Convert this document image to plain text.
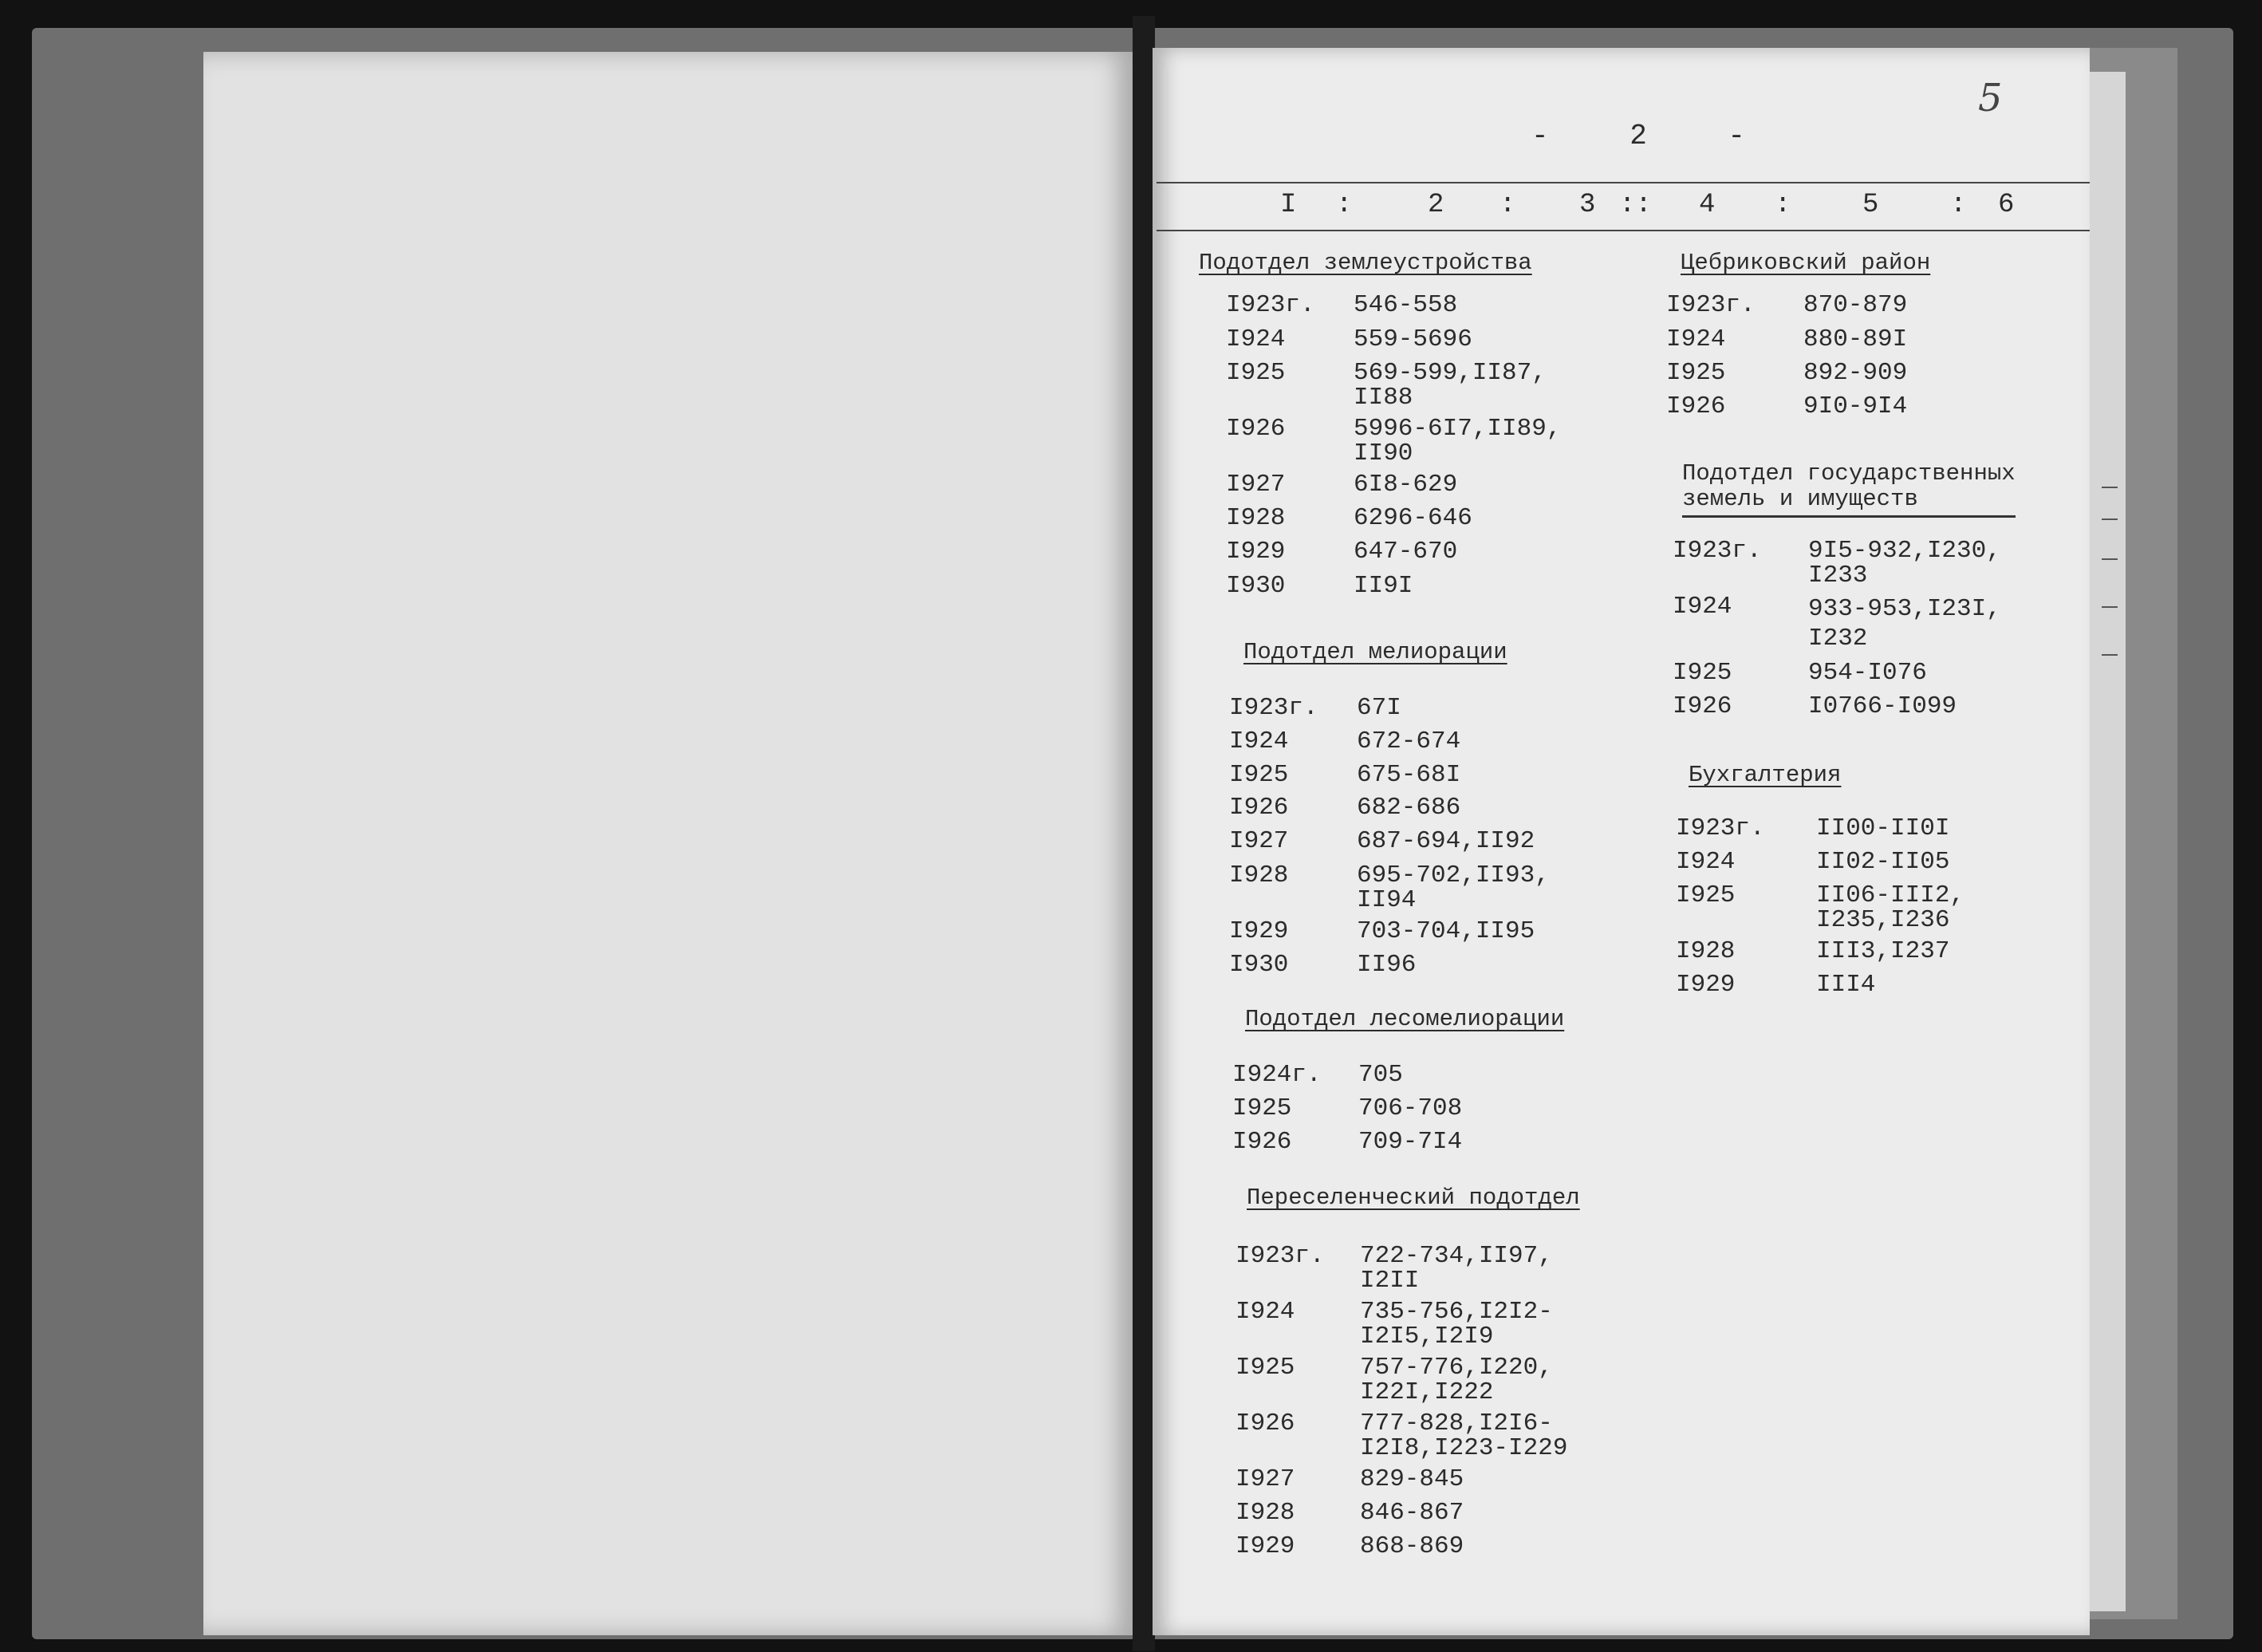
5
- 2 -
I :	2 : 3 :: 4 :	5	: 6
Подотдел землеустройства
I923г. 546-558
I924	559-5696
I925	569-599,II87,
II88
I926	5996-6I7,II89,
II90
I927	6I8-629
I928	6296-646
I929	647-670
I930	II9I
Подотдел мелиорации
I923г. 67I
I924	672-674
I925	675-68I
I926	682-686
I927	687-694,II92
I928	695-702,II93,
II94
I929	703-704,II95
I930	II96
Подотдел лесомелиорации
I924г. 705
I925	706-708
I926	709-7I4
Переселенческий подотдел
I923г. 722-734,II97,
I2II
I924	735-756,I2I2-
I2I5,I2I9
I925	757-776,I220,
I22I,I222
I926	777-828,I2I6-
I2I8,I223-I229
I927	829-845
I928	846-867
I929	868-869
Цебриковский район
I923г. 870-879
I924	880-89I
I925	892-909
I926	9I0-9I4
Подотдел государственных
земель и имуществ
I923г. 9I5-932,I230,
I233
I924	933-953,I23I,
I232
I925	954-I076
I926	I0766-I099
Бухгалтерия
I923г. II00-II0I
I924	II02-II05
I925	II06-III2,
I235,I236
I928	III3,I237
I929	III4
